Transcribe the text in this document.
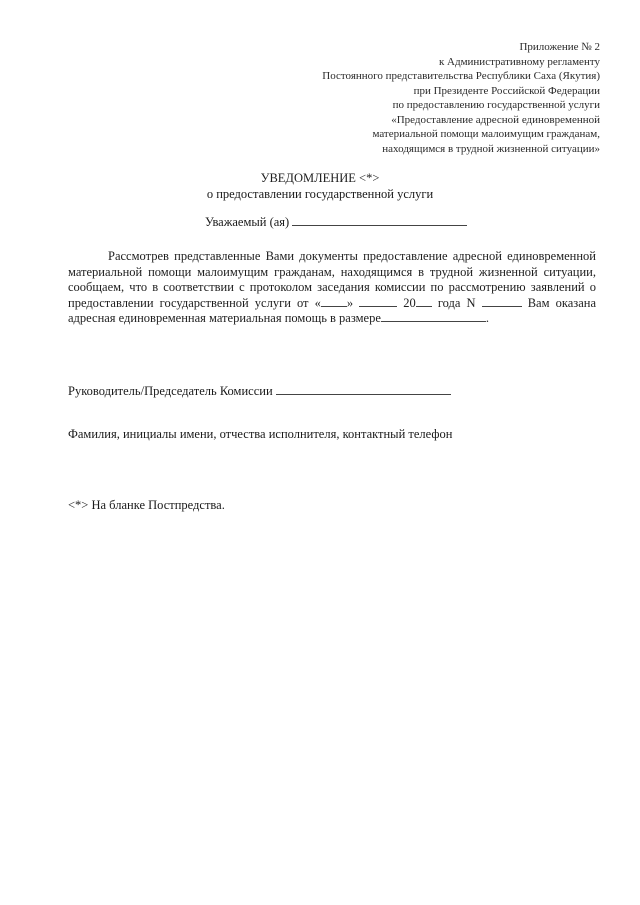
Приложение № 2
к Административному регламенту
Постоянного представительства Республики Саха (Якутия)
при Президенте Российской Федерации
по предоставлению государственной услуги
«Предоставление адресной единовременной
материальной помощи малоимущим гражданам,
находящимся в трудной жизненной ситуации»
УВЕДОМЛЕНИЕ <*>
о предоставлении государственной услуги
Уважаемый (ая)
Рассмотрев представленные Вами документы предоставление адресной единовременной материальной помощи малоимущим гражданам, находящимся в трудной жизненной ситуации, сообщаем, что в соответствии с протоколом заседания комиссии по рассмотрению заявлений о предоставлении государственной услуги от « »	20 года N	Вам оказана адресная единовременная материальная помощь в размере	.
Руководитель/Председатель Комиссии
Фамилия, инициалы имени, отчества исполнителя, контактный телефон
<*> На бланке Постпредства.
